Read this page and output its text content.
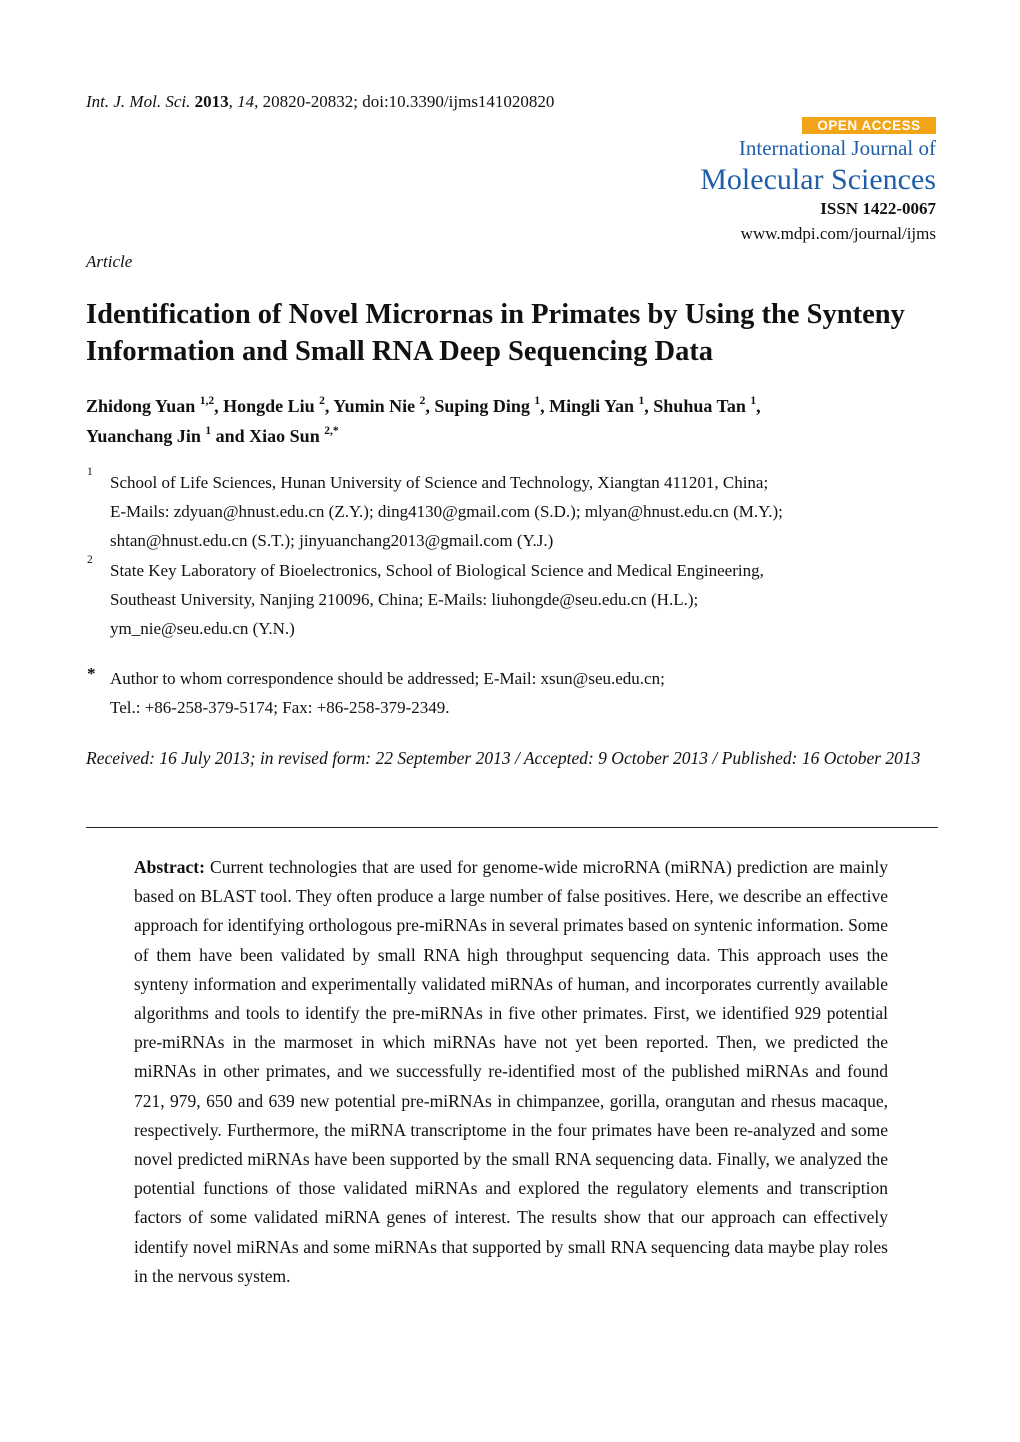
Int. J. Mol. Sci. 2013, 14, 20820-20832; doi:10.3390/ijms141020820
OPEN ACCESS
International Journal of
Molecular Sciences
ISSN 1422-0067
www.mdpi.com/journal/ijms
Article
Identification of Novel Micrornas in Primates by Using the Synteny Information and Small RNA Deep Sequencing Data
Zhidong Yuan $^{1,2}$, Hongde Liu $^2$, Yumin Nie $^2$, Suping Ding $^1$, Mingli Yan $^1$, Shuhua Tan $^1$,
Yuanchang Jin $^1$ and Xiao Sun $^{2,*}$
1
School of Life Sciences, Hunan University of Science and Technology, Xiangtan 411201, China;
E-Mails: zdyuan@hnust.edu.cn (Z.Y.); ding4130@gmail.com (S.D.); mlyan@hnust.edu.cn (M.Y.);
shtan@hnust.edu.cn (S.T.); jinyuanchang2013@gmail.com (Y.J.)
2
State Key Laboratory of Bioelectronics, School of Biological Science and Medical Engineering,
Southeast University, Nanjing 210096, China; E-Mails: liuhongde@seu.edu.cn (H.L.);
ym_nie@seu.edu.cn (Y.N.)
* Author to whom correspondence should be addressed; E-Mail: xsun@seu.edu.cn;
Tel.: +86-258-379-5174; Fax: +86-258-379-2349.
Received: 16 July 2013; in revised form: 22 September 2013 / Accepted: 9 October 2013 / Published: 16 October 2013
Abstract: Current technologies that are used for genome-wide microRNA (miRNA) prediction are mainly based on BLAST tool. They often produce a large number of false positives. Here, we describe an effective approach for identifying orthologous pre-miRNAs in several primates based on syntenic information. Some of them have been validated by small RNA high throughput sequencing data. This approach uses the synteny information and experimentally validated miRNAs of human, and incorporates currently available algorithms and tools to identify the pre-miRNAs in five other primates. First, we identified 929 potential pre-miRNAs in the marmoset in which miRNAs have not yet been reported. Then, we predicted the miRNAs in other primates, and we successfully re-identified most of the published miRNAs and found 721, 979, 650 and 639 new potential pre-miRNAs in chimpanzee, gorilla, orangutan and rhesus macaque, respectively. Furthermore, the miRNA transcriptome in the four primates have been re-analyzed and some novel predicted miRNAs have been supported by the small RNA sequencing data. Finally, we analyzed the potential functions of those validated miRNAs and explored the regulatory elements and transcription factors of some validated miRNA genes of interest. The results show that our approach can effectively identify novel miRNAs and some miRNAs that supported by small RNA sequencing data maybe play roles in the nervous system.
